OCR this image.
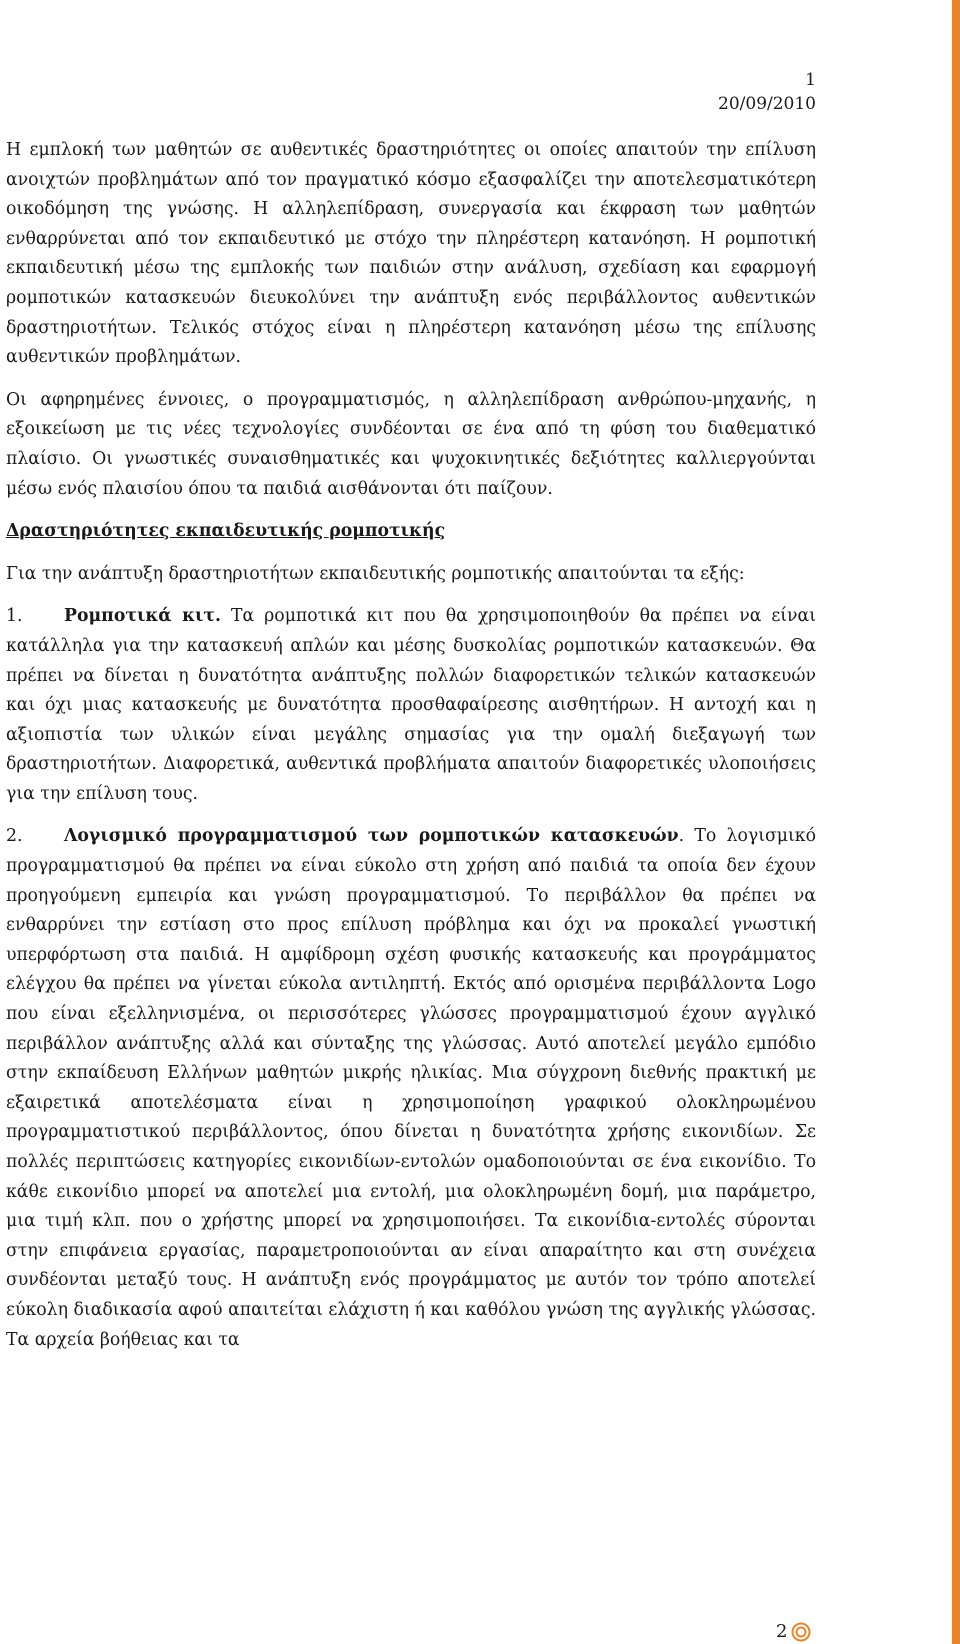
1
20/09/2010

Η εμπλοκή των μαθητών σε αυθεντικές δραστηριότητες οι οποίες απαιτούν την επίλυση ανοιχτών προβλημάτων από τον πραγματικό κόσμο εξασφαλίζει την αποτελεσματικότερη οικοδόμηση της γνώσης. Η αλληλεπίδραση, συνεργασία και έκφραση των μαθητών ενθαρρύνεται από τον εκπαιδευτικό με στόχο την πληρέστερη κατανόηση. Η ρομποτική εκπαιδευτική μέσω της εμπλοκής των παιδιών στην ανάλυση, σχεδίαση και εφαρμογή ρομποτικών κατασκευών διευκολύνει την ανάπτυξη ενός περιβάλλοντος αυθεντικών δραστηριοτήτων. Τελικός στόχος είναι η πληρέστερη κατανόηση μέσω της επίλυσης αυθεντικών προβλημάτων.

Οι αφηρημένες έννοιες, ο προγραμματισμός, η αλληλεπίδραση ανθρώπου-μηχανής, η εξοικείωση με τις νέες τεχνολογίες συνδέονται σε ένα από τη φύση του διαθεματικό πλαίσιο. Οι γνωστικές συναισθηματικές και ψυχοκινητικές δεξιότητες καλλιεργούνται μέσω ενός πλαισίου όπου τα παιδιά αισθάνονται ότι παίζουν.

Δραστηριότητες εκπαιδευτικής ρομποτικής

Για την ανάπτυξη δραστηριοτήτων εκπαιδευτικής ρομποτικής απαιτούνται τα εξής:

1. Ρομποτικά κιτ. Τα ρομποτικά κιτ που θα χρησιμοποιηθούν θα πρέπει να είναι κατάλληλα για την κατασκευή απλών και μέσης δυσκολίας ρομποτικών κατασκευών. Θα πρέπει να δίνεται η δυνατότητα ανάπτυξης πολλών διαφορετικών τελικών κατασκευών και όχι μιας κατασκευής με δυνατότητα προσθαφαίρεσης αισθητήρων. Η αντοχή και η αξιοπιστία των υλικών είναι μεγάλης σημασίας για την ομαλή διεξαγωγή των δραστηριοτήτων. Διαφορετικά, αυθεντικά προβλήματα απαιτούν διαφορετικές υλοποιήσεις για την επίλυση τους.

2. Λογισμικό προγραμματισμού των ρομποτικών κατασκευών. Το λογισμικό προγραμματισμού θα πρέπει να είναι εύκολο στη χρήση από παιδιά τα οποία δεν έχουν προηγούμενη εμπειρία και γνώση προγραμματισμού. Το περιβάλλον θα πρέπει να ενθαρρύνει την εστίαση στο προς επίλυση πρόβλημα και όχι να προκαλεί γνωστική υπερφόρτωση στα παιδιά. Η αμφίδρομη σχέση φυσικής κατασκευής και προγράμματος ελέγχου θα πρέπει να γίνεται εύκολα αντιληπτή. Εκτός από ορισμένα περιβάλλοντα Logo που είναι εξελληνισμένα, οι περισσότερες γλώσσες προγραμματισμού έχουν αγγλικό περιβάλλον ανάπτυξης αλλά και σύνταξης της γλώσσας. Αυτό αποτελεί μεγάλο εμπόδιο στην εκπαίδευση Ελλήνων μαθητών μικρής ηλικίας. Μια σύγχρονη διεθνής πρακτική με εξαιρετικά αποτελέσματα είναι η χρησιμοποίηση γραφικού ολοκληρωμένου προγραμματιστικού περιβάλλοντος, όπου δίνεται η δυνατότητα χρήσης εικονιδίων. Σε πολλές περιπτώσεις κατηγορίες εικονιδίων-εντολών ομαδοποιούνται σε ένα εικονίδιο. Το κάθε εικονίδιο μπορεί να αποτελεί μια εντολή, μια ολοκληρωμένη δομή, μια παράμετρο, μια τιμή κλπ. που ο χρήστης μπορεί να χρησιμοποιήσει. Τα εικονίδια-εντολές σύρονται στην επιφάνεια εργασίας, παραμετροποιούνται αν είναι απαραίτητο και στη συνέχεια συνδέονται μεταξύ τους. Η ανάπτυξη ενός προγράμματος με αυτόν τον τρόπο αποτελεί εύκολη διαδικασία αφού απαιτείται ελάχιστη ή και καθόλου γνώση της αγγλικής γλώσσας. Τα αρχεία βοήθειας και τα

2
